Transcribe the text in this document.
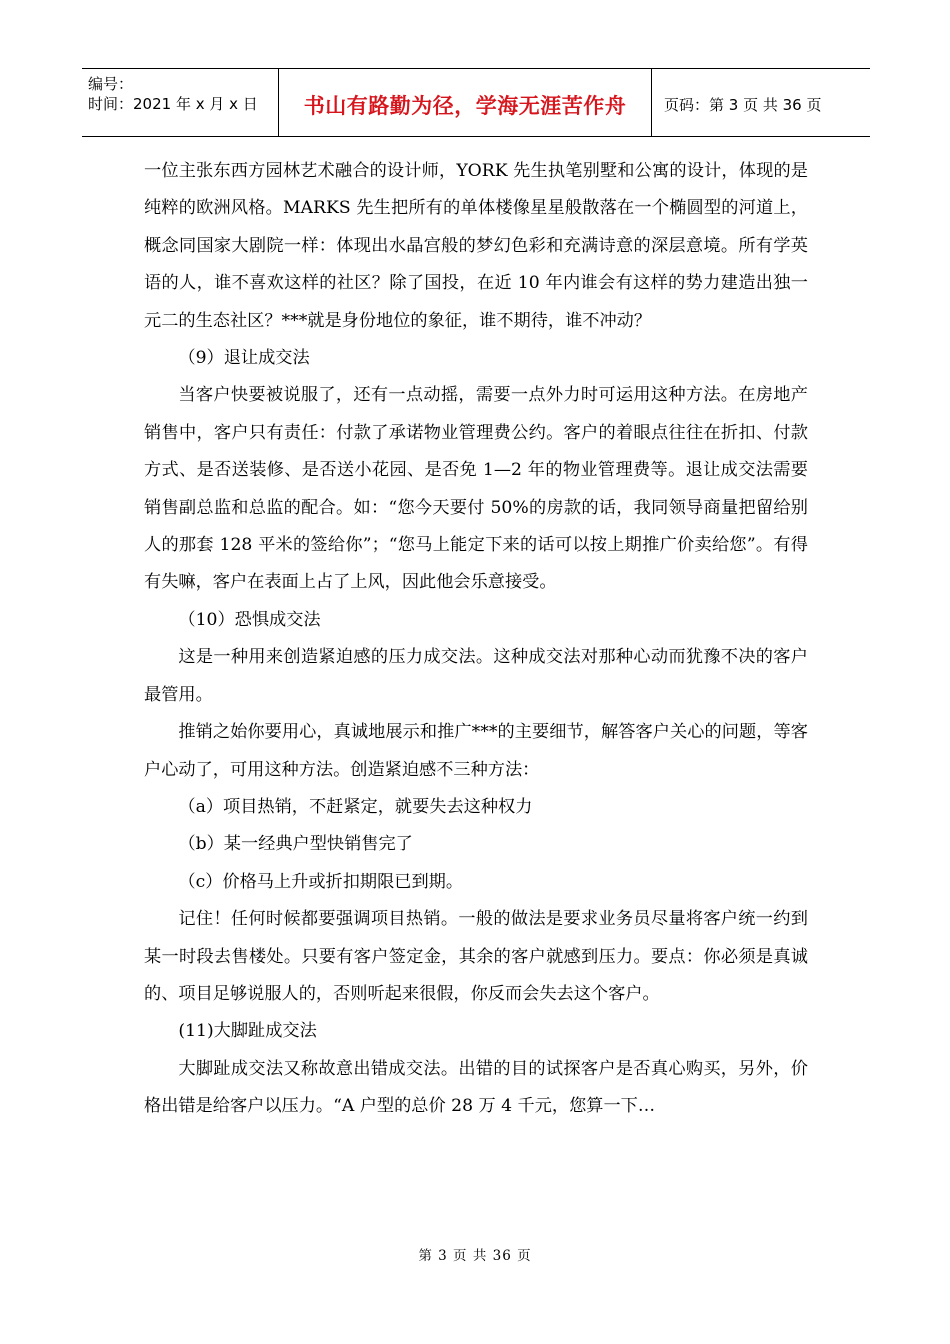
编号：
时间：2021 年 x 月 x 日	书山有路勤为径，学海无涯苦作舟	页码：第 3 页 共 36 页

一位主张东西方园林艺术融合的设计师，YORK 先生执笔别墅和公寓的设计，体现的是纯粹的欧洲风格。MARKS 先生把所有的单体楼像星星般散落在一个椭圆型的河道上，概念同国家大剧院一样：体现出水晶宫般的梦幻色彩和充满诗意的深层意境。所有学英语的人，谁不喜欢这样的社区？除了国投，在近 10 年内谁会有这样的势力建造出独一元二的生态社区？***就是身份地位的象征，谁不期待，谁不冲动？

（9）退让成交法

当客户快要被说服了，还有一点动摇，需要一点外力时可运用这种方法。在房地产销售中，客户只有责任：付款了承诺物业管理费公约。客户的着眼点往往在折扣、付款方式、是否送装修、是否送小花园、是否免 1—2 年的物业管理费等。退让成交法需要销售副总监和总监的配合。如：“您今天要付 50%的房款的话，我同领导商量把留给别人的那套 128 平米的签给你”；“您马上能定下来的话可以按上期推广价卖给您”。有得有失嘛，客户在表面上占了上风，因此他会乐意接受。

（10）恐惧成交法

这是一种用来创造紧迫感的压力成交法。这种成交法对那种心动而犹豫不决的客户最管用。

推销之始你要用心，真诚地展示和推广***的主要细节，解答客户关心的问题，等客户心动了，可用这种方法。创造紧迫感不三种方法：

（a）项目热销，不赶紧定，就要失去这种权力

（b）某一经典户型快销售完了

（c）价格马上升或折扣期限已到期。

记住！任何时候都要强调项目热销。一般的做法是要求业务员尽量将客户统一约到某一时段去售楼处。只要有客户签定金，其余的客户就感到压力。要点：你必须是真诚的、项目足够说服人的，否则听起来很假，你反而会失去这个客户。

(11)大脚趾成交法

大脚趾成交法又称故意出错成交法。出错的目的试探客户是否真心购买，另外，价格出错是给客户以压力。“A 户型的总价 28 万 4 千元，您算一下…

第 3 页 共 36 页
